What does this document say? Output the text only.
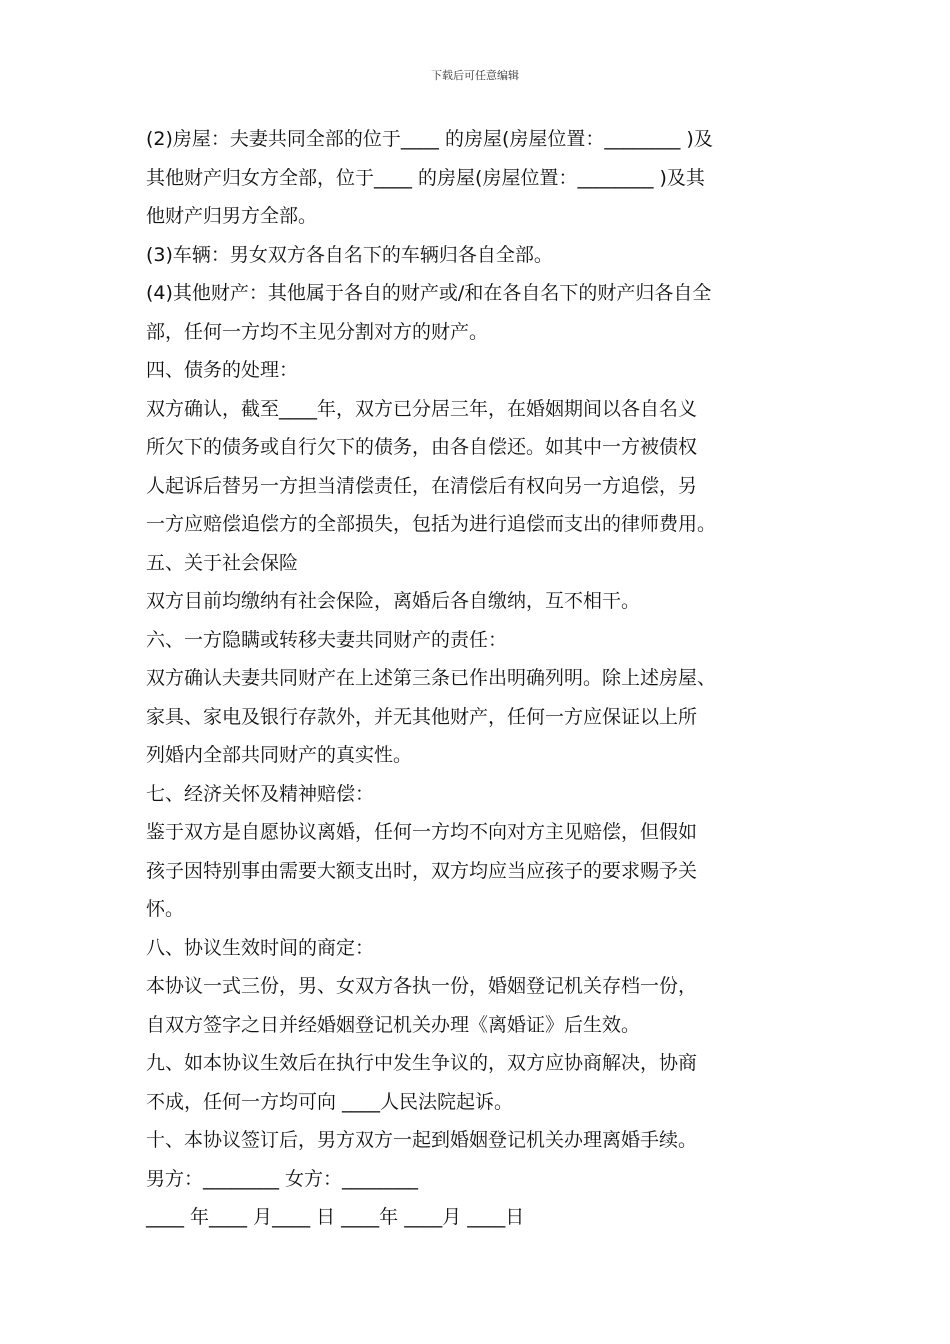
下载后可任意编辑
(2)房屋：夫妻共同全部的位于____ 的房屋(房屋位置：________ )及
其他财产归女方全部，位于____ 的房屋(房屋位置：________ )及其
他财产归男方全部。
(3)车辆：男女双方各自名下的车辆归各自全部。
(4)其他财产：其他属于各自的财产或/和在各自名下的财产归各自全
部，任何一方均不主见分割对方的财产。
四、债务的处理：
双方确认，截至____年，双方已分居三年，在婚姻期间以各自名义
所欠下的债务或自行欠下的债务，由各自偿还。如其中一方被债权
人起诉后替另一方担当清偿责任，在清偿后有权向另一方追偿，另
一方应赔偿追偿方的全部损失，包括为进行追偿而支出的律师费用。
五、关于社会保险
双方目前均缴纳有社会保险，离婚后各自缴纳，互不相干。
六、一方隐瞒或转移夫妻共同财产的责任：
双方确认夫妻共同财产在上述第三条已作出明确列明。除上述房屋、
家具、家电及银行存款外，并无其他财产，任何一方应保证以上所
列婚内全部共同财产的真实性。
七、经济关怀及精神赔偿：
鉴于双方是自愿协议离婚，任何一方均不向对方主见赔偿，但假如
孩子因特别事由需要大额支出时，双方均应当应孩子的要求赐予关
怀。
八、协议生效时间的商定：
本协议一式三份，男、女双方各执一份，婚姻登记机关存档一份，
自双方签字之日并经婚姻登记机关办理《离婚证》后生效。
九、如本协议生效后在执行中发生争议的，双方应协商解决，协商
不成，任何一方均可向 ____人民法院起诉。
十、本协议签订后，男方双方一起到婚姻登记机关办理离婚手续。
男方：________ 女方：________
____ 年____ 月____ 日 ____年 ____月 ____日
